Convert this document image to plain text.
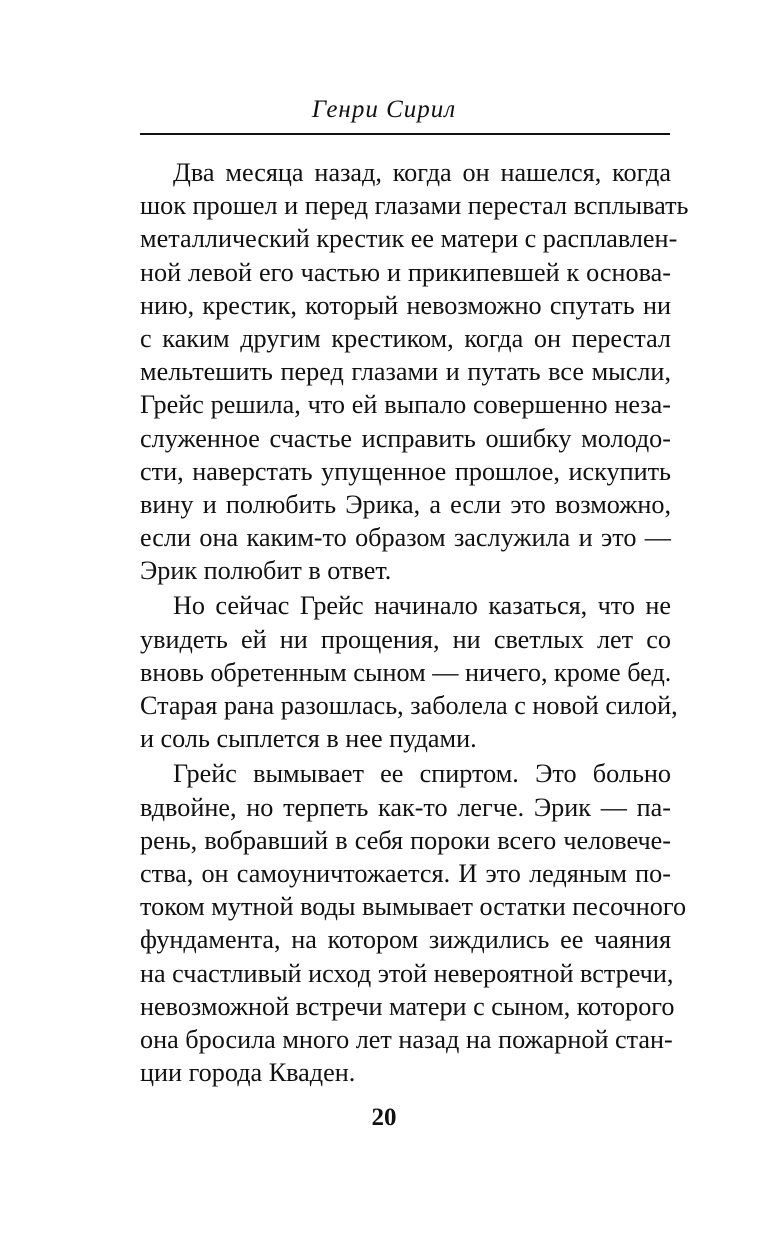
Генри Сирил

Два месяца назад, когда он нашелся, когда
шок прошел и перед глазами перестал всплывать
металлический крестик ее матери с расплавлен-
ной левой его частью и прикипевшей к основа-
нию, крестик, который невозможно спутать ни
с каким другим крестиком, когда он перестал
мельтешить перед глазами и путать все мысли,
Грейс решила, что ей выпало совершенно неза-
служенное счастье исправить ошибку молодо-
сти, наверстать упущенное прошлое, искупить
вину и полюбить Эрика, а если это возможно,
если она каким-то образом заслужила и это —
Эрик полюбит в ответ.

Но сейчас Грейс начинало казаться, что не
увидеть ей ни прощения, ни светлых лет со
вновь обретенным сыном — ничего, кроме бед.
Старая рана разошлась, заболела с новой силой,
и соль сыплется в нее пудами.

Грейс вымывает ее спиртом. Это больно
вдвойне, но терпеть как-то легче. Эрик — па-
рень, вобравший в себя пороки всего человече-
ства, он самоуничтожается. И это ледяным по-
током мутной воды вымывает остатки песочного
фундамента, на котором зиждились ее чаяния
на счастливый исход этой невероятной встречи,
невозможной встречи матери с сыном, которого
она бросила много лет назад на пожарной стан-
ции города Кваден.

20
